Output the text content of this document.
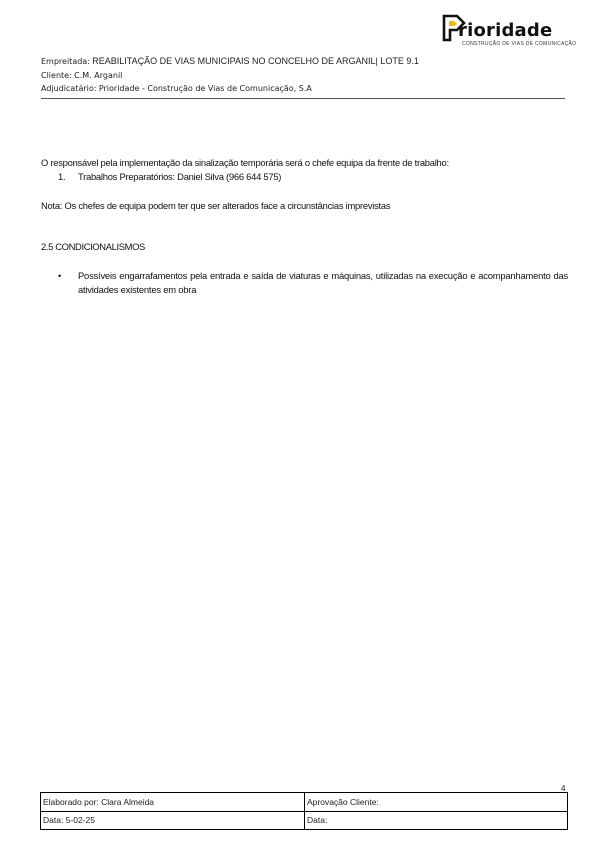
rioridade
CONSTRUÇÃO DE VIAS DE COMUNICAÇÃO
Empreitada: REABILITAÇÃO DE VIAS MUNICIPAIS NO CONCELHO DE ARGANIL| LOTE 9.1
Cliente: C.M. Arganil
Adjudicatário: Prioridade - Construção de Vias de Comunicação, S.A
O responsável pela implementação da sinalização temporária será o chefe equipa da frente de trabalho:
1. Trabalhos Preparatórios: Daniel Silva (966 644 575)
Nota: Os chefes de equipa podem ter que ser alterados face a circunstâncias imprevistas
2.5 CONDICIONALISMOS
• Possíveis engarrafamentos pela entrada e saída de viaturas e máquinas, utilizadas na execução e acompanhamento das atividades existentes em obra
4
Elaborado por: Clara Almeida	Aprovação Cliente:
Data: 5-02-25	Data:
